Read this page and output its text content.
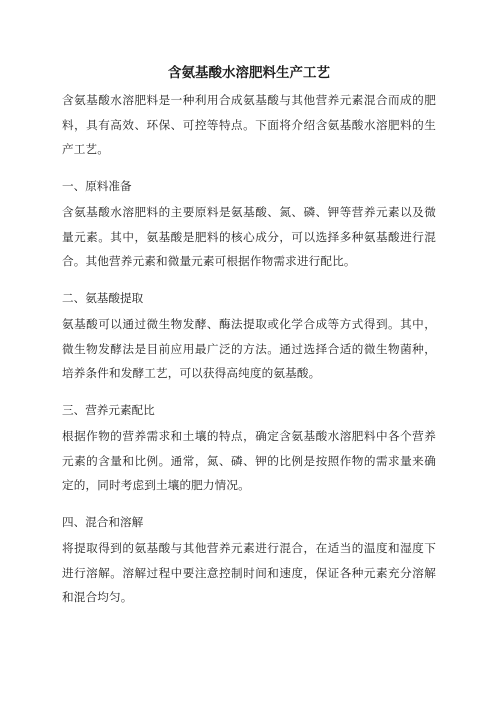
含氨基酸水溶肥料生产工艺

含氨基酸水溶肥料是一种利用合成氨基酸与其他营养元素混合而成的肥料，具有高效、环保、可控等特点。下面将介绍含氨基酸水溶肥料的生产工艺。

一、原料准备

含氨基酸水溶肥料的主要原料是氨基酸、氮、磷、钾等营养元素以及微量元素。其中，氨基酸是肥料的核心成分，可以选择多种氨基酸进行混合。其他营养元素和微量元素可根据作物需求进行配比。

二、氨基酸提取

氨基酸可以通过微生物发酵、酶法提取或化学合成等方式得到。其中，微生物发酵法是目前应用最广泛的方法。通过选择合适的微生物菌种，培养条件和发酵工艺，可以获得高纯度的氨基酸。

三、营养元素配比

根据作物的营养需求和土壤的特点，确定含氨基酸水溶肥料中各个营养元素的含量和比例。通常，氮、磷、钾的比例是按照作物的需求量来确定的，同时考虑到土壤的肥力情况。

四、混合和溶解

将提取得到的氨基酸与其他营养元素进行混合，在适当的温度和湿度下进行溶解。溶解过程中要注意控制时间和速度，保证各种元素充分溶解和混合均匀。
